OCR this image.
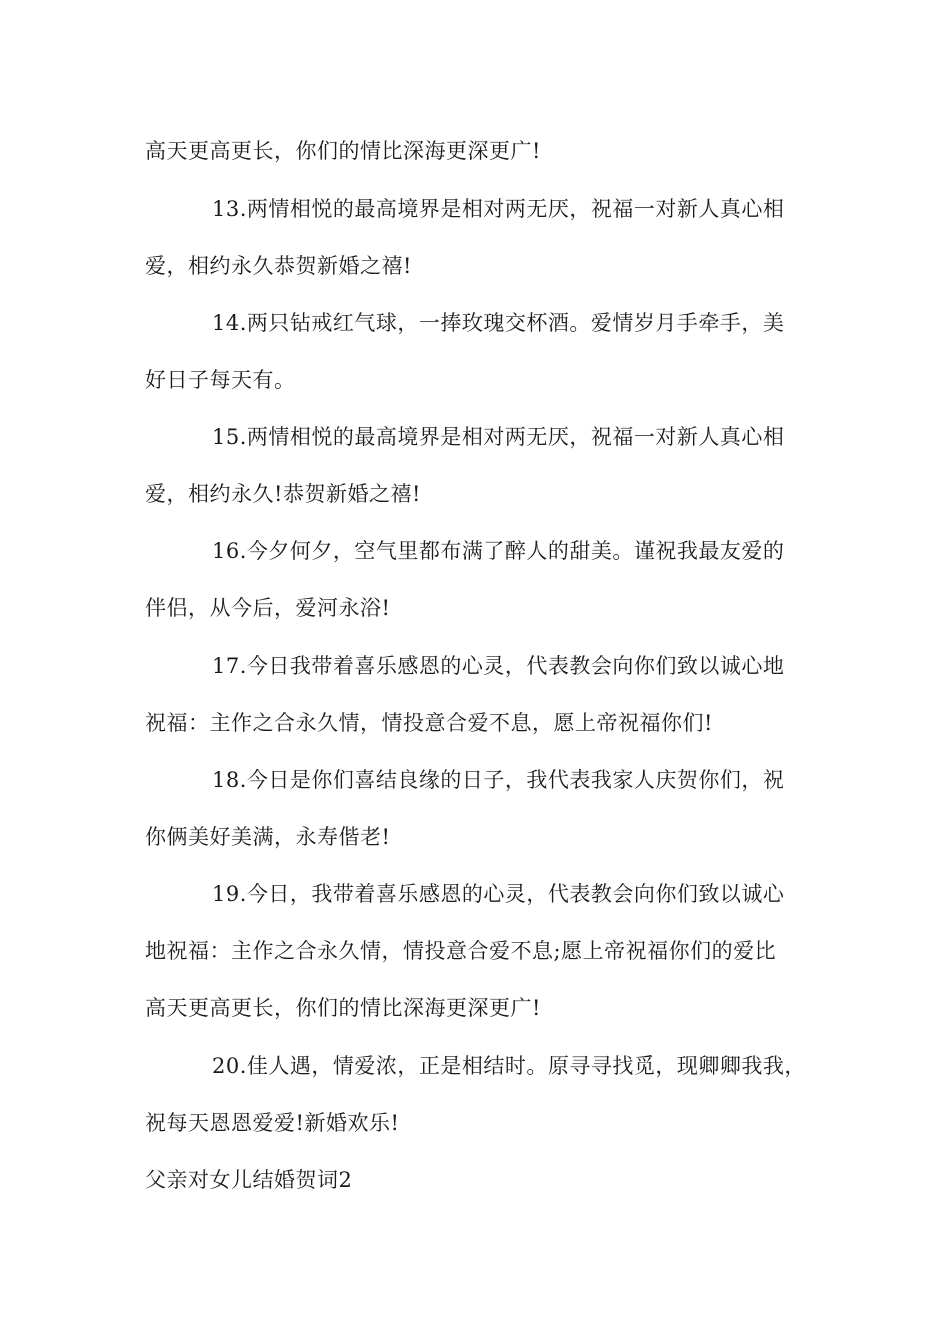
高天更高更长，你们的情比深海更深更广!
13.两情相悦的最高境界是相对两无厌，祝福一对新人真心相
爱，相约永久恭贺新婚之禧!
14.两只钻戒红气球，一捧玫瑰交杯酒。爱情岁月手牵手，美
好日子每天有。
15.两情相悦的最高境界是相对两无厌，祝福一对新人真心相
爱，相约永久!恭贺新婚之禧!
16.今夕何夕，空气里都布满了醉人的甜美。谨祝我最友爱的
伴侣，从今后，爱河永浴!
17.今日我带着喜乐感恩的心灵，代表教会向你们致以诚心地
祝福：主作之合永久情，情投意合爱不息，愿上帝祝福你们!
18.今日是你们喜结良缘的日子，我代表我家人庆贺你们，祝
你俩美好美满，永寿偕老!
19.今日，我带着喜乐感恩的心灵，代表教会向你们致以诚心
地祝福：主作之合永久情，情投意合爱不息;愿上帝祝福你们的爱比
高天更高更长，你们的情比深海更深更广!
20.佳人遇，情爱浓，正是相结时。原寻寻找觅，现卿卿我我，
祝每天恩恩爱爱!新婚欢乐!
父亲对女儿结婚贺词2
